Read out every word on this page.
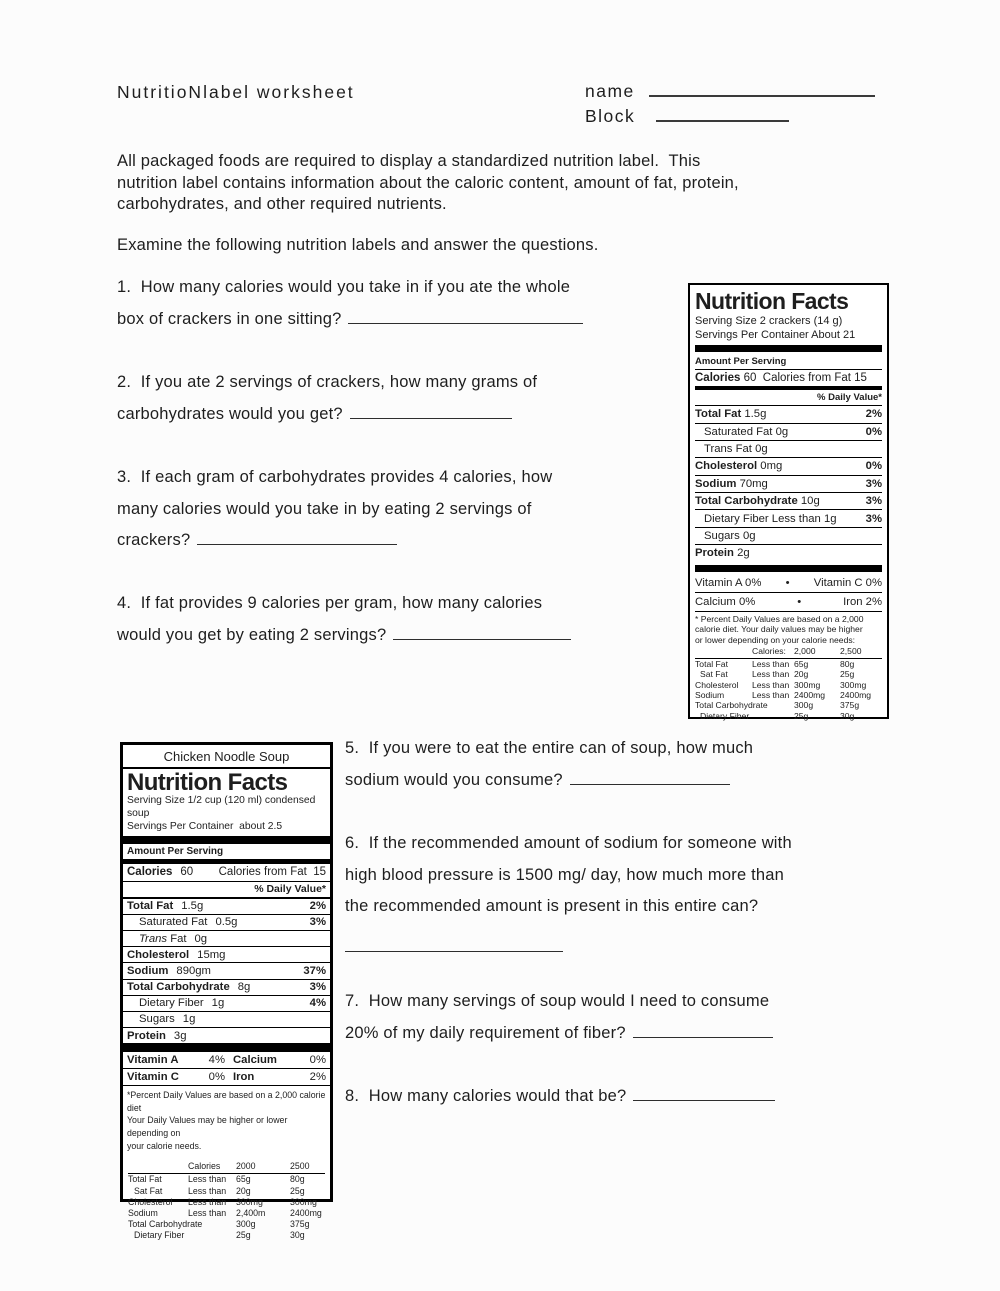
NutritioNlabel worksheet	name
Block
All packaged foods are required to display a standardized nutrition label.  This
nutrition label contains information about the caloric content, amount of fat, protein,
carbohydrates, and other required nutrients.
Examine the following nutrition labels and answer the questions.
1.  How many calories would you take in if you ate the whole
box of crackers in one sitting?
2.  If you ate 2 servings of crackers, how many grams of
carbohydrates would you get?
3.  If each gram of carbohydrates provides 4 calories, how
many calories would you take in by eating 2 servings of
crackers?
4.  If fat provides 9 calories per gram, how many calories
would you get by eating 2 servings?
5.  If you were to eat the entire can of soup, how much
sodium would you consume?
6.  If the recommended amount of sodium for someone with
high blood pressure is 1500 mg/ day, how much more than
the recommended amount is present in this entire can?
7.  How many servings of soup would I need to consume
20% of my daily requirement of fiber?
8.  How many calories would that be?
Nutrition Facts
Serving Size 2 crackers (14 g)
Servings Per Container About 21
Amount Per Serving
Calories 60 Calories from Fat 15
% Daily Value*
Total Fat 1.5g	2%
Saturated Fat 0g	0%
Trans Fat 0g
Cholesterol 0mg	0%
Sodium 70mg	3%
Total Carbohydrate 10g	3%
Dietary Fiber Less than 1g	3%
Sugars 0g
Protein 2g
Vitamin A 0% • Vitamin C 0%
Calcium 0%	•	Iron 2%
* Percent Daily Values are based on a 2,000
calorie diet. Your daily values may be higher
or lower depending on your calorie needs:
Calories: 2,000	2,500
Total Fat	Less than 65g	80g
Sat Fat	Less than 20g	25g
Cholesterol	Less than 300mg	300mg
Sodium	Less than 2400mg	2400mg
Total Carbohydrate	300g	375g
Dietary Fiber	25g	30g
Chicken Noodle Soup
Nutrition Facts
Serving Size 1/2 cup (120 ml) condensed soup
Servings Per Container  about 2.5
Amount Per Serving
Calories 60 Calories from Fat  15
% Daily Value*
Total Fat 1.5g	2%
Saturated Fat 0.5g	3%
Trans Fat 0g
Cholesterol 15mg
Sodium 890gm	37%
Total Carbohydrate 8g	3%
Dietary Fiber 1g	4%
Sugars 1g
Protein 3g
Vitamin A	4% Calcium	0%
Vitamin C	0% Iron	2%
*Percent Daily Values are based on a 2,000 calorie diet
Your Daily Values may be higher or lower depending on
your calorie needs.
Calories	2000	2500
Total Fat	Less than	65g	80g
Sat Fat	Less than	20g	25g
Cholesterol	Less than	300mg	300mg
Sodium	Less than	2,400m	2400mg
Total Carbohydrate	300g	375g
Dietary Fiber	25g	30g
